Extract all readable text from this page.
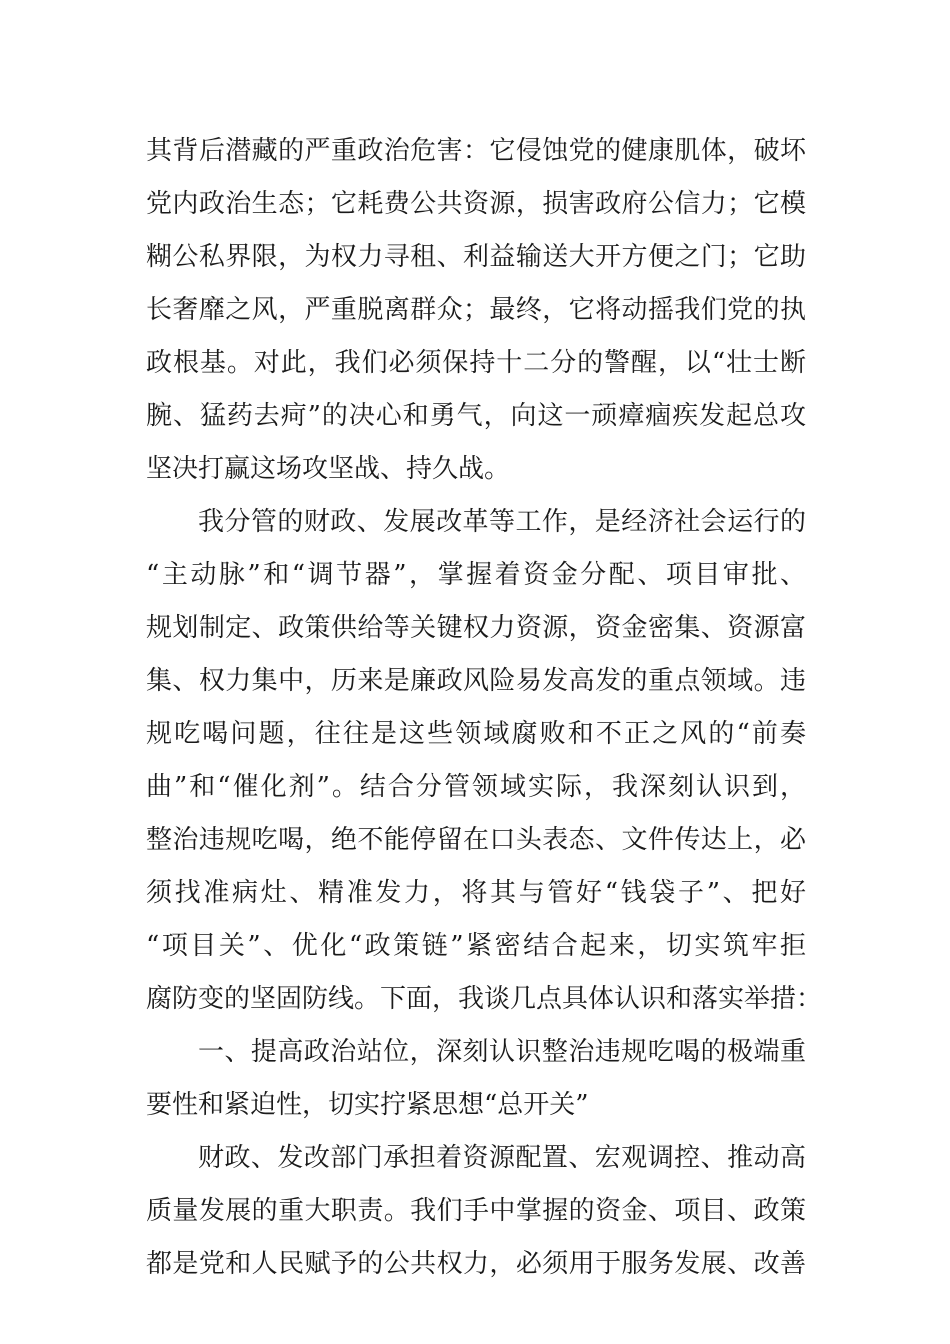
其背后潜藏的严重政治危害：它侵蚀党的健康肌体，破坏
党内政治生态；它耗费公共资源，损害政府公信力；它模
糊公私界限，为权力寻租、利益输送大开方便之门；它助
长奢靡之风，严重脱离群众；最终，它将动摇我们党的执
政根基。对此，我们必须保持十二分的警醒，以“壮士断
腕、猛药去疴”的决心和勇气，向这一顽瘴痼疾发起总攻
坚决打赢这场攻坚战、持久战。
我分管的财政、发展改革等工作，是经济社会运行的
“主动脉”和“调节器”，掌握着资金分配、项目审批、
规划制定、政策供给等关键权力资源，资金密集、资源富
集、权力集中，历来是廉政风险易发高发的重点领域。违
规吃喝问题，往往是这些领域腐败和不正之风的“前奏
曲”和“催化剂”。结合分管领域实际，我深刻认识到，
整治违规吃喝，绝不能停留在口头表态、文件传达上，必
须找准病灶、精准发力，将其与管好“钱袋子”、把好
“项目关”、优化“政策链”紧密结合起来，切实筑牢拒
腐防变的坚固防线。下面，我谈几点具体认识和落实举措：
一、提高政治站位，深刻认识整治违规吃喝的极端重
要性和紧迫性，切实拧紧思想“总开关”
财政、发改部门承担着资源配置、宏观调控、推动高
质量发展的重大职责。我们手中掌握的资金、项目、政策
都是党和人民赋予的公共权力，必须用于服务发展、改善
